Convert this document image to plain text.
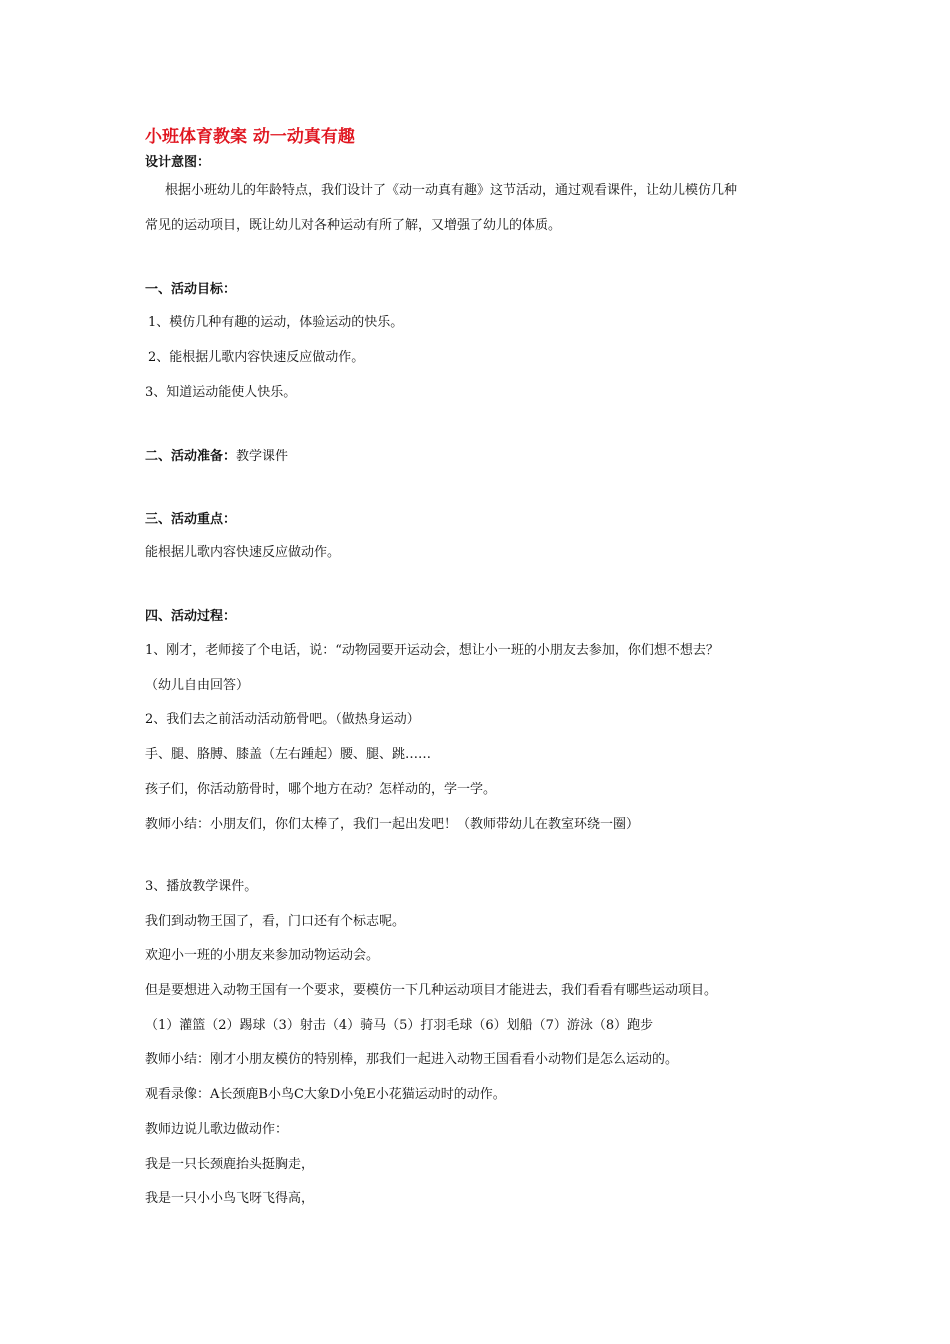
小班体育教案 动一动真有趣
设计意图：
根据小班幼儿的年龄特点，我们设计了《动一动真有趣》这节活动，通过观看课件，让幼儿模仿几种
常见的运动项目，既让幼儿对各种运动有所了解，又增强了幼儿的体质。
一、活动目标：
1、模仿几种有趣的运动，体验运动的快乐。
2、能根据儿歌内容快速反应做动作。
3、知道运动能使人快乐。
二、活动准备：教学课件
三、活动重点：
能根据儿歌内容快速反应做动作。
四、活动过程：
1、刚才，老师接了个电话，说：“动物园要开运动会，想让小一班的小朋友去参加，你们想不想去？
（幼儿自由回答）
2、我们去之前活动活动筋骨吧。（做热身运动）
手、腿、胳膊、膝盖（左右踵起）腰、腿、跳……
孩子们，你活动筋骨时，哪个地方在动？怎样动的，学一学。
教师小结：小朋友们，你们太棒了，我们一起出发吧！（教师带幼儿在教室环绕一圈）
3、播放教学课件。
我们到动物王国了，看，门口还有个标志呢。
欢迎小一班的小朋友来参加动物运动会。
但是要想进入动物王国有一个要求，要模仿一下几种运动项目才能进去，我们看看有哪些运动项目。
（1）灌篮（2）踢球（3）射击（4）骑马（5）打羽毛球（6）划船（7）游泳（8）跑步
教师小结：刚才小朋友模仿的特别棒，那我们一起进入动物王国看看小动物们是怎么运动的。
观看录像：A长颈鹿B小鸟C大象D小兔E小花猫运动时的动作。
教师边说儿歌边做动作：
我是一只长颈鹿抬头挺胸走，
我是一只小小鸟飞呀飞得高，
